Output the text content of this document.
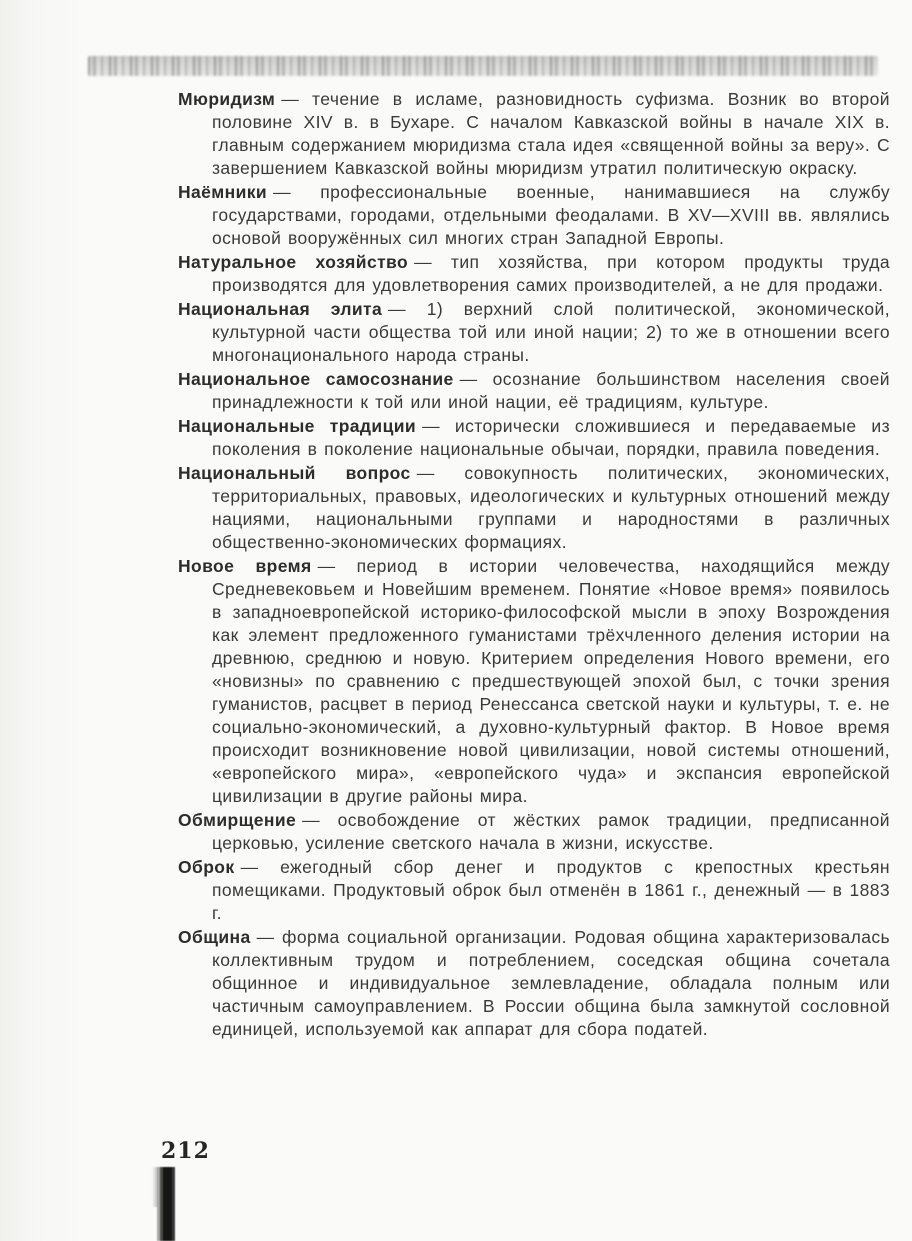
Мюридизм — течение в исламе, разновидность суфизма. Возник во второй половине XIV в. в Бухаре. С началом Кавказской войны в начале XIX в. главным содержанием мюридизма стала идея «священной войны за веру». С завершением Кавказской войны мюридизм утратил политическую окраску.

Наёмники — профессиональные военные, нанимавшиеся на службу государствами, городами, отдельными феодалами. В XV—XVIII вв. являлись основой вооружённых сил многих стран Западной Европы.

Натуральное хозяйство — тип хозяйства, при котором продукты труда производятся для удовлетворения самих производителей, а не для продажи.

Национальная элита — 1) верхний слой политической, экономической, культурной части общества той или иной нации; 2) то же в отношении всего многонационального народа страны.

Национальное самосознание — осознание большинством населения своей принадлежности к той или иной нации, её традициям, культуре.

Национальные традиции — исторически сложившиеся и передаваемые из поколения в поколение национальные обычаи, порядки, правила поведения.

Национальный вопрос — совокупность политических, экономических, территориальных, правовых, идеологических и культурных отношений между нациями, национальными группами и народностями в различных общественно-экономических формациях.

Новое время — период в истории человечества, находящийся между Средневековьем и Новейшим временем. Понятие «Новое время» появилось в западноевропейской историко-философской мысли в эпоху Возрождения как элемент предложенного гуманистами трёхчленного деления истории на древнюю, среднюю и новую. Критерием определения Нового времени, его «новизны» по сравнению с предшествующей эпохой был, с точки зрения гуманистов, расцвет в период Ренессанса светской науки и культуры, т. е. не социально-экономический, а духовно-культурный фактор. В Новое время происходит возникновение новой цивилизации, новой системы отношений, «европейского мира», «европейского чуда» и экспансия европейской цивилизации в другие районы мира.

Обмирщение — освобождение от жёстких рамок традиции, предписанной церковью, усиление светского начала в жизни, искусстве.

Оброк — ежегодный сбор денег и продуктов с крепостных крестьян помещиками. Продуктовый оброк был отменён в 1861 г., денежный — в 1883 г.

Община — форма социальной организации. Родовая община характеризовалась коллективным трудом и потреблением, соседская община сочетала общинное и индивидуальное землевладение, обладала полным или частичным самоуправлением. В России община была замкнутой сословной единицей, используемой как аппарат для сбора податей.

212
